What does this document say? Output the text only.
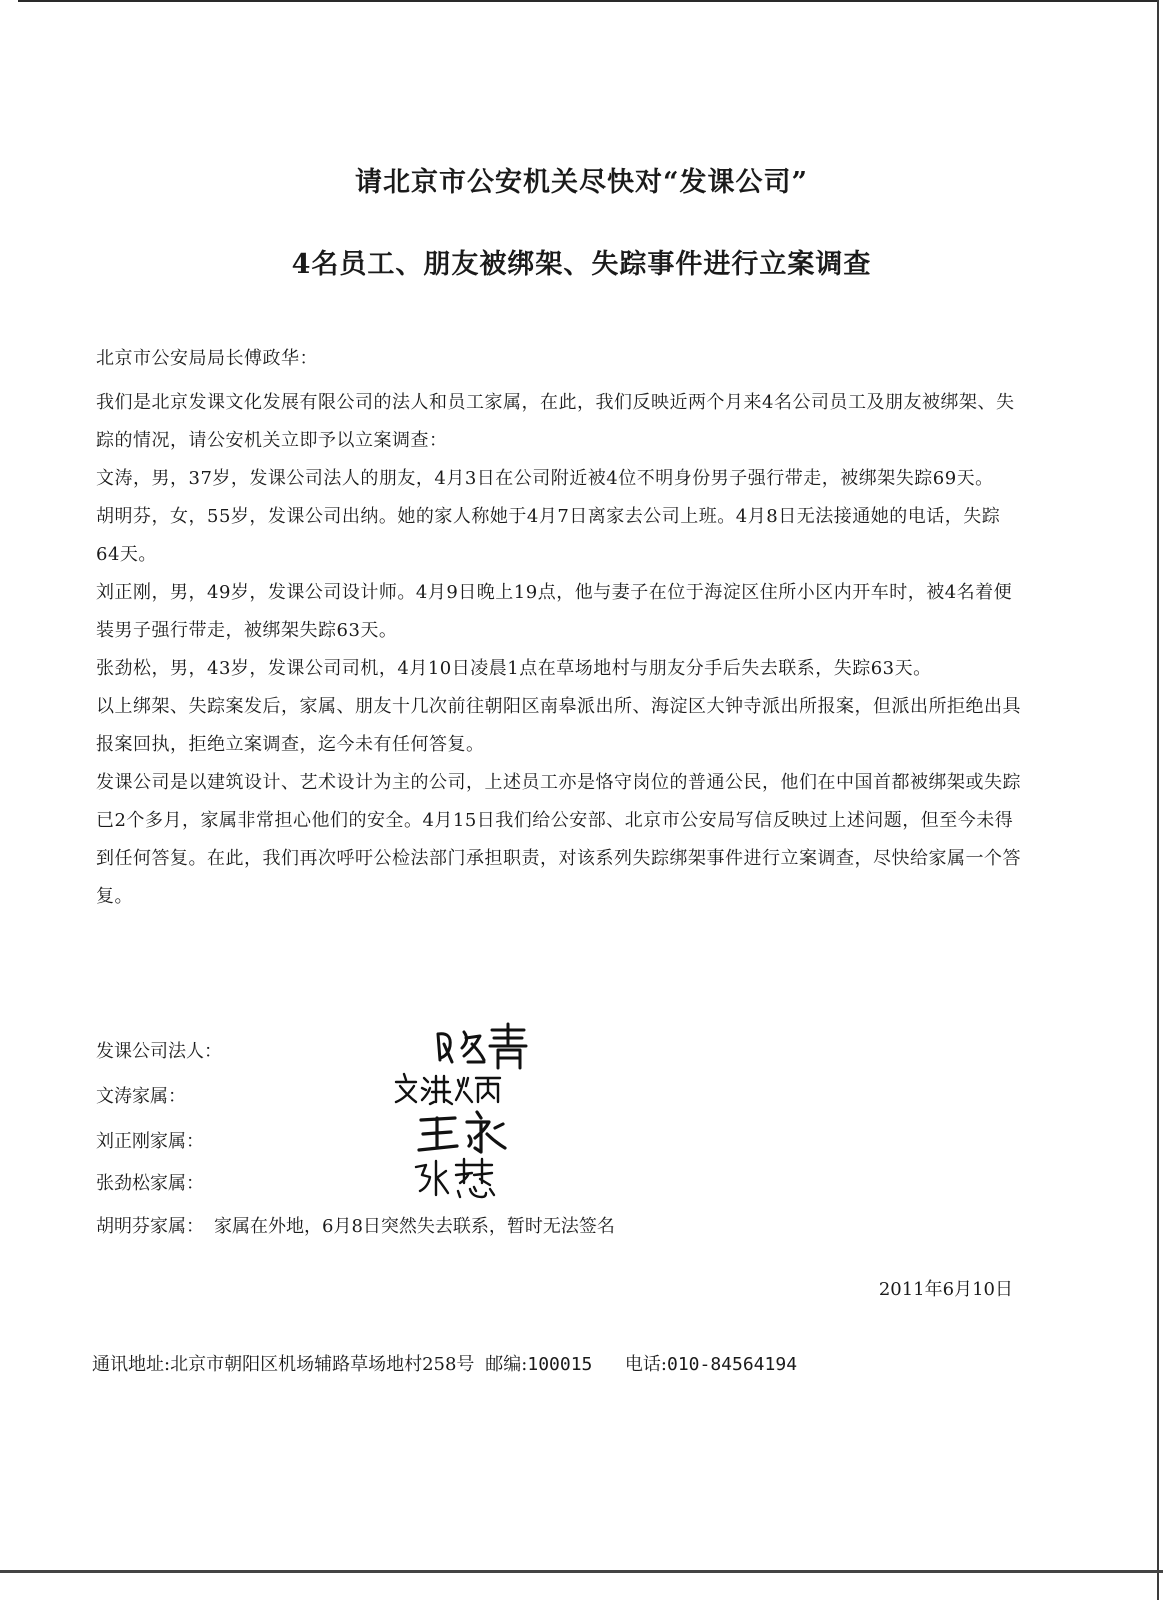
请北京市公安机关尽快对“发课公司”
4名员工、朋友被绑架、失踪事件进行立案调查
北京市公安局局长傅政华：

我们是北京发课文化发展有限公司的法人和员工家属，在此，我们反映近两个月来4名公司员工及朋友被绑架、失踪的情况，请公安机关立即予以立案调查：

文涛，男，37岁，发课公司法人的朋友，4月3日在公司附近被4位不明身份男子强行带走，被绑架失踪69天。

胡明芬，女，55岁，发课公司出纳。她的家人称她于4月7日离家去公司上班。4月8日无法接通她的电话，失踪64天。

刘正刚，男，49岁，发课公司设计师。4月9日晚上19点，他与妻子在位于海淀区住所小区内开车时，被4名着便装男子强行带走，被绑架失踪63天。

张劲松，男，43岁，发课公司司机，4月10日凌晨1点在草场地村与朋友分手后失去联系，失踪63天。

以上绑架、失踪案发后，家属、朋友十几次前往朝阳区南皋派出所、海淀区大钟寺派出所报案，但派出所拒绝出具报案回执，拒绝立案调查，迄今未有任何答复。

发课公司是以建筑设计、艺术设计为主的公司，上述员工亦是恪守岗位的普通公民，他们在中国首都被绑架或失踪已2个多月，家属非常担心他们的安全。4月15日我们给公安部、北京市公安局写信反映过上述问题，但至今未得到任何答复。在此，我们再次呼吁公检法部门承担职责，对该系列失踪绑架事件进行立案调查，尽快给家属一个答复。

发课公司法人：
文涛家属：
刘正刚家属：
张劲松家属：
胡明芬家属： 家属在外地，6月8日突然失去联系，暂时无法签名
2011年6月10日
通讯地址:北京市朝阳区机场辅路草场地村258号 邮编:100015 电话:010-84564194
